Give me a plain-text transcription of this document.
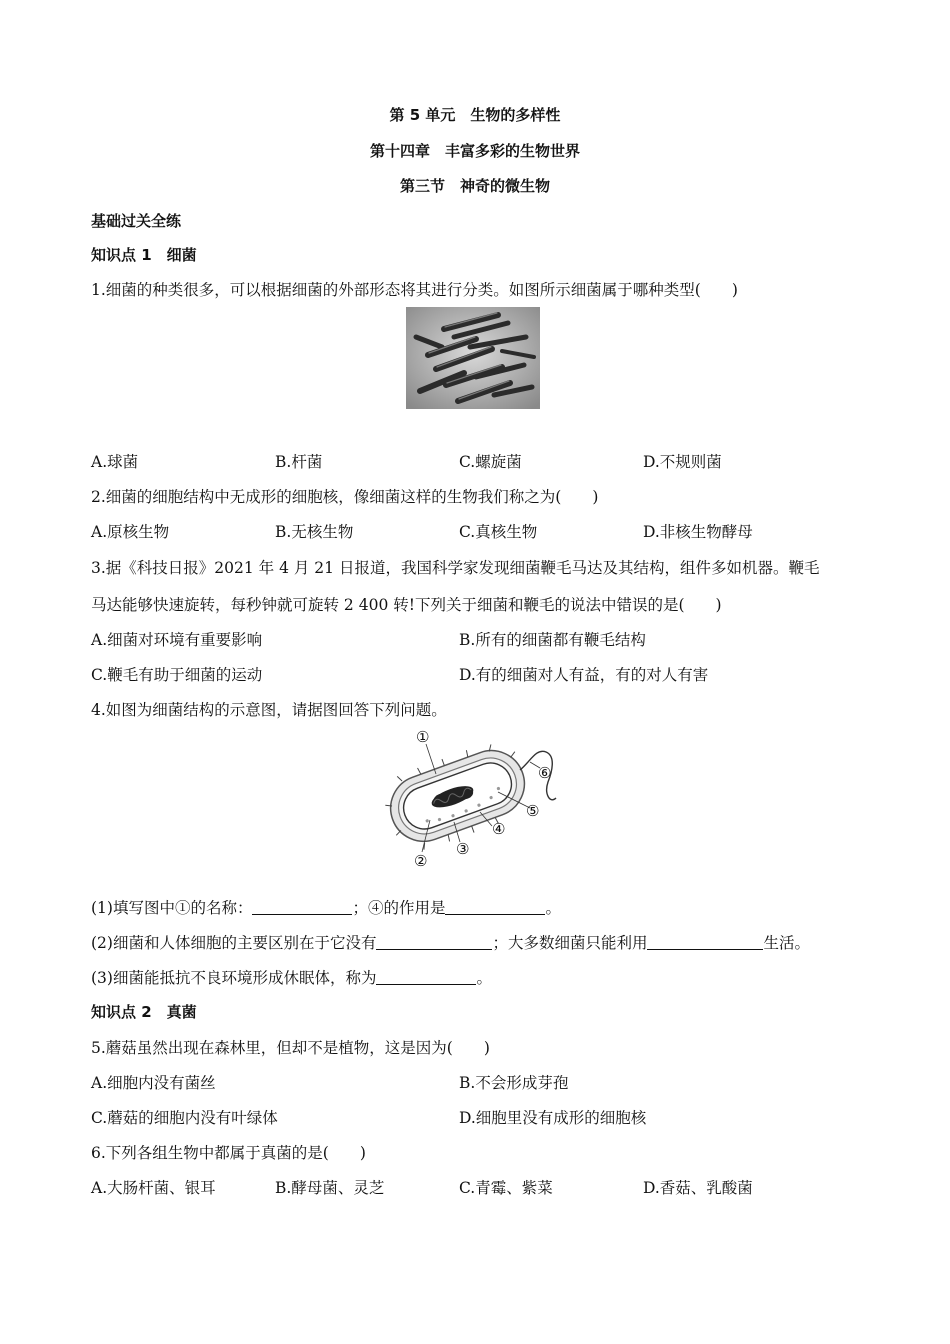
第 5 单元　生物的多样性
第十四章　丰富多彩的生物世界
第三节　神奇的微生物
基础过关全练
知识点 1　细菌
1.细菌的种类很多，可以根据细菌的外部形态将其进行分类。如图所示细菌属于哪种类型(　　)
A.球菌	B.杆菌	C.螺旋菌	D.不规则菌
2.细菌的细胞结构中无成形的细胞核，像细菌这样的生物我们称之为(　　)
A.原核生物	B.无核生物	C.真核生物	D.非核生物酵母
3.据《科技日报》2021 年 4 月 21 日报道，我国科学家发现细菌鞭毛马达及其结构，组件多如机器。鞭毛
马达能够快速旋转，每秒钟就可旋转 2 400 转!下列关于细菌和鞭毛的说法中错误的是(　　)
A.细菌对环境有重要影响	B.所有的细菌都有鞭毛结构
C.鞭毛有助于细菌的运动	D.有的细菌对人有益，有的对人有害
4.如图为细菌结构的示意图，请据图回答下列问题。
①
②
③
④
⑤
⑥
(1)填写图中①的名称：	；④的作用是	。
(2)细菌和人体细胞的主要区别在于它没有	；大多数细菌只能利用	生活。
(3)细菌能抵抗不良环境形成休眠体，称为	。
知识点 2　真菌
5.蘑菇虽然出现在森林里，但却不是植物，这是因为(　　)
A.细胞内没有菌丝	B.不会形成芽孢
C.蘑菇的细胞内没有叶绿体	D.细胞里没有成形的细胞核
6.下列各组生物中都属于真菌的是(　　)
A.大肠杆菌、银耳	B.酵母菌、灵芝	C.青霉、紫菜	D.香菇、乳酸菌
